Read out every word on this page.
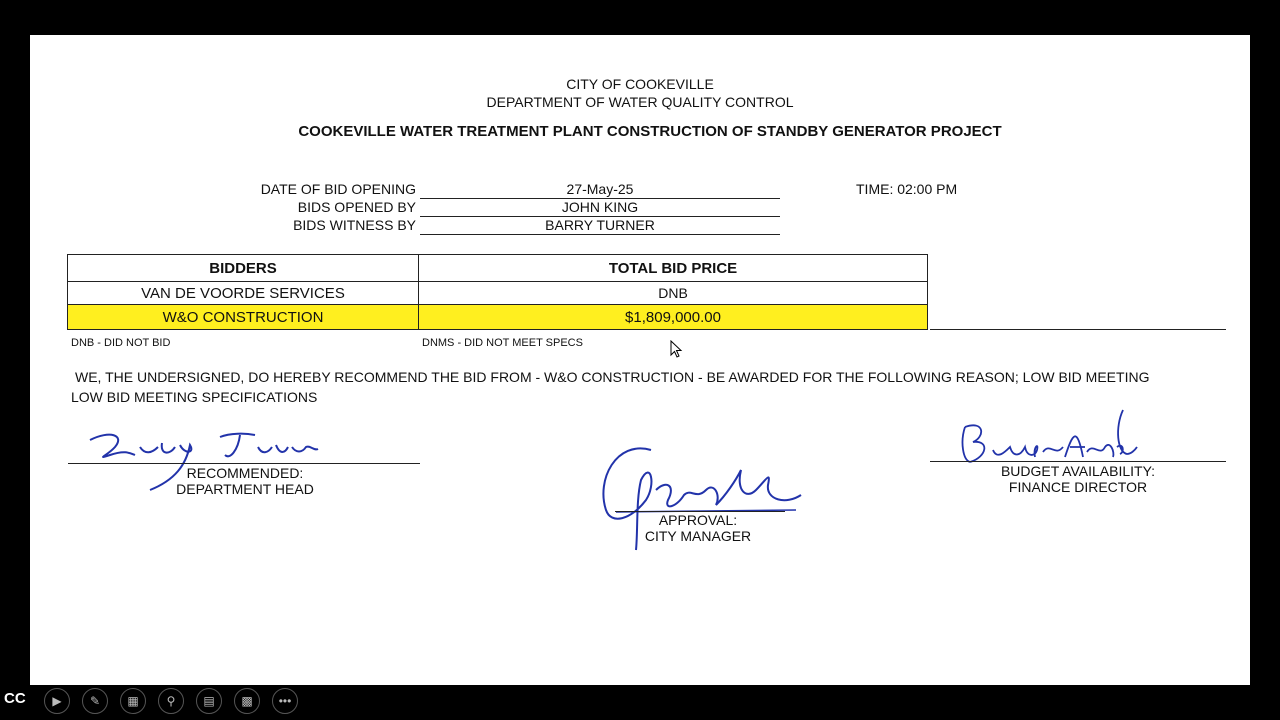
CITY OF COOKEVILLE
DEPARTMENT OF WATER QUALITY CONTROL
COOKEVILLE WATER TREATMENT PLANT CONSTRUCTION OF STANDBY GENERATOR PROJECT
DATE OF BID OPENING	27-May-25
BIDS OPENED BY	JOHN KING
BIDS WITNESS BY	BARRY TURNER
TIME: 02:00 PM
BIDDERS	TOTAL BID PRICE
VAN DE VOORDE SERVICES	DNB
W&O CONSTRUCTION	$1,809,000.00
DNB - DID NOT BID	DNMS - DID NOT MEET SPECS
WE, THE UNDERSIGNED, DO HEREBY RECOMMEND THE BID FROM - W&O CONSTRUCTION - BE AWARDED FOR THE FOLLOWING REASON; LOW BID MEETING
LOW BID MEETING SPECIFICATIONS
RECOMMENDED:
DEPARTMENT HEAD
APPROVAL:
CITY MANAGER
BUDGET AVAILABILITY:
FINANCE DIRECTOR
CC	▶	✎	▦	⚲	▤	▩	•••
